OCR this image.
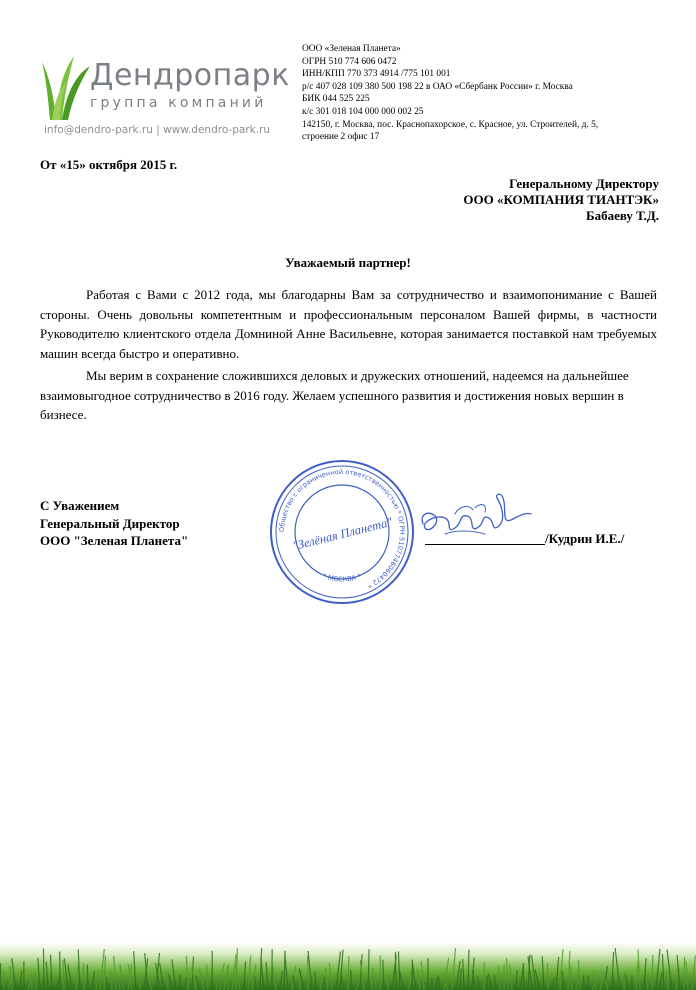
Дендропарк
группа компаний
info@dendro-park.ru | www.dendro-park.ru
ООО «Зеленая Планета»
ОГРН 510 774 606 0472
ИНН/КПП 770 373 4914 /775 101 001
р/с 407 028 109 380 500 198 22 в ОАО «Сбербанк России» г. Москва
БИК 044 525 225
к/с 301 018 104 000 000 002 25
142150, г. Москва, пос. Краснопахорское, с. Красное, ул. Строителей, д. 5,
строение 2 офис 17
От «15» октября 2015 г.
Генеральному Директору
ООО «КОМПАНИЯ ТИАНТЭК»
Бабаеву Т.Д.
Уважаемый партнер!
Работая с Вами с 2012 года, мы благодарны Вам за сотрудничество и взаимопонимание с Вашей стороны. Очень довольны компетентным и профессиональным персоналом Вашей фирмы, в частности Руководителю клиентского отдела Домниной Анне Васильевне, которая занимается поставкой нам требуемых машин всегда быстро и оперативно.
Мы верим в сохранение сложившихся деловых и дружеских отношений, надеемся на дальнейшее взаимовыгодное сотрудничество в 2016 году. Желаем успешного развития и достижения новых вершин в бизнесе.
С Уважением
Генеральный Директор
ООО "Зеленая Планета"
Общество с ограниченной ответственностью * ОГРН 5107746060472 *
* МОСКВА *
"Зелёная Планета"	/Кудрин И.Е./
